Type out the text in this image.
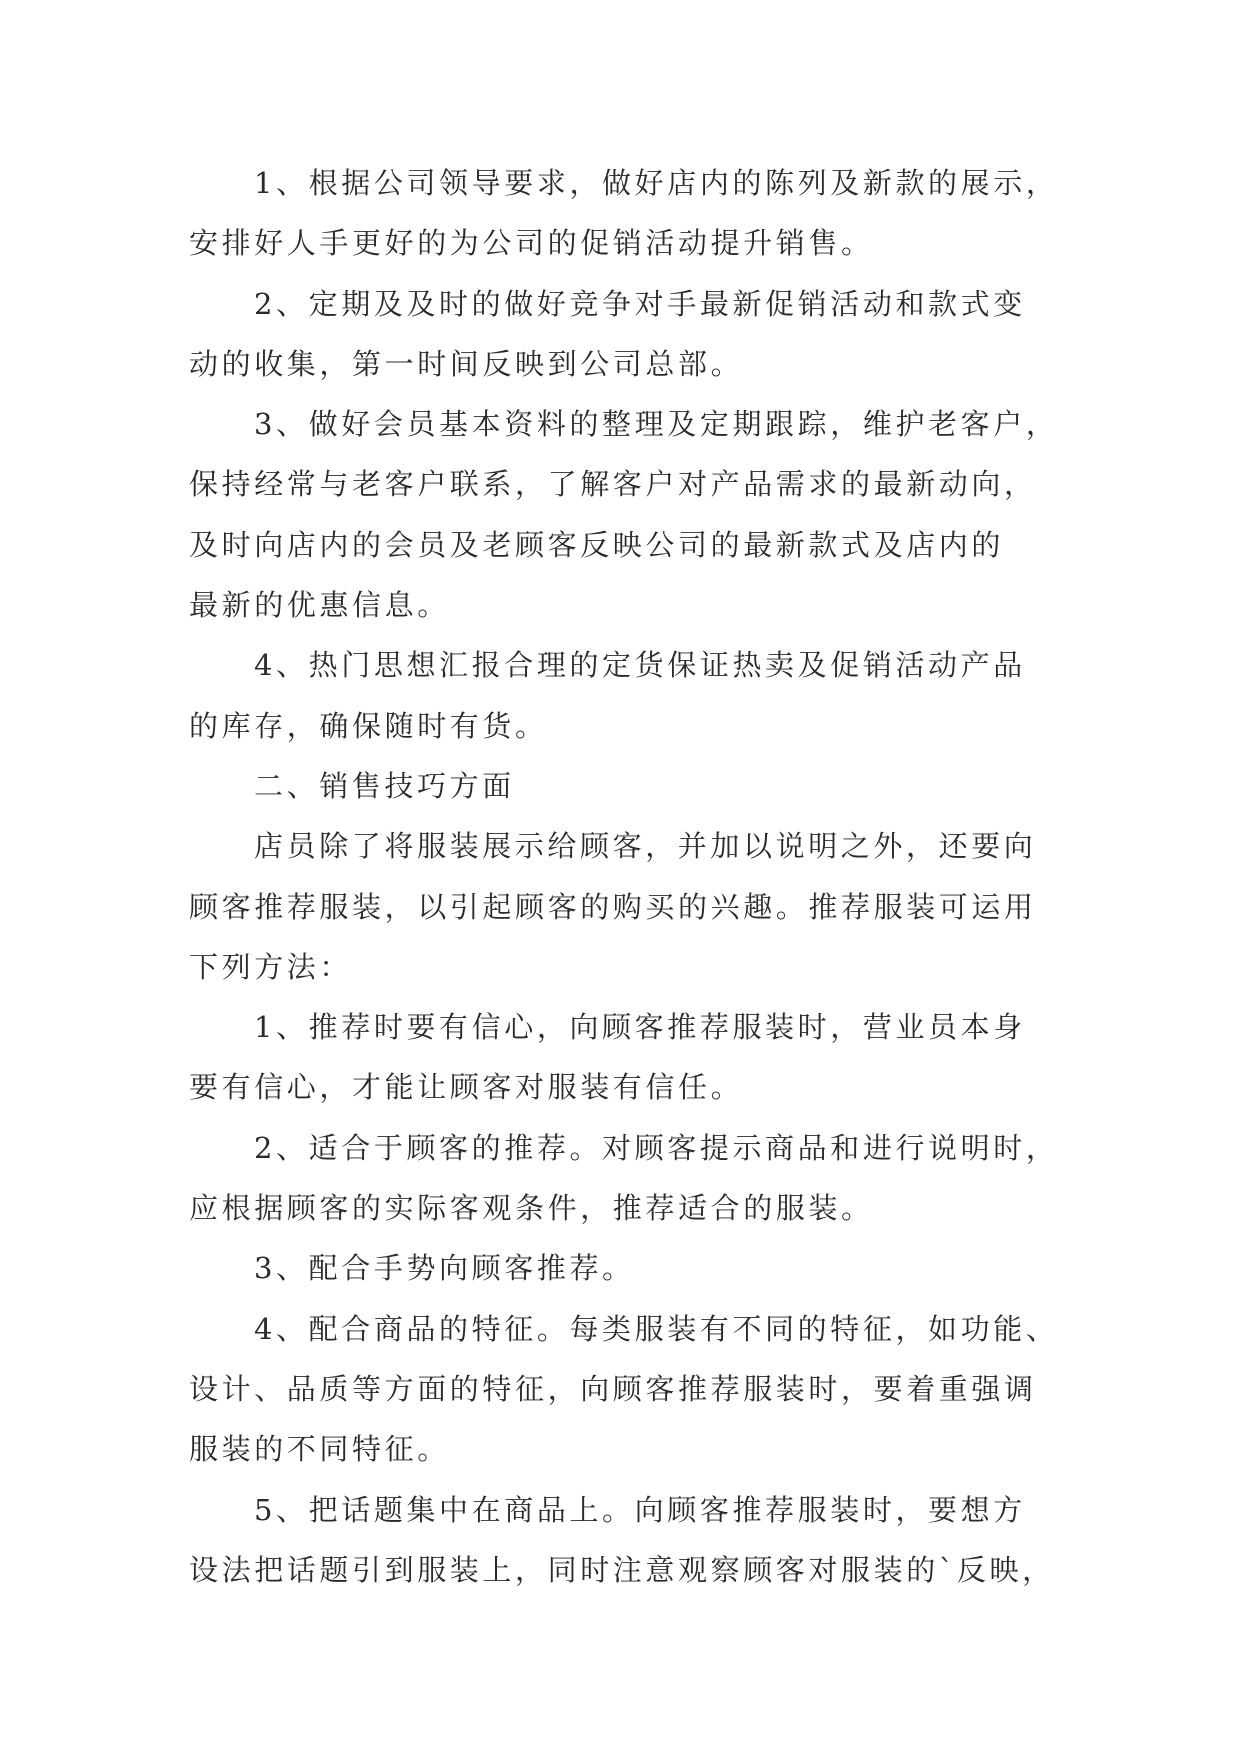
1、根据公司领导要求，做好店内的陈列及新款的展示，
安排好人手更好的为公司的促销活动提升销售。
2、定期及及时的做好竞争对手最新促销活动和款式变
动的收集，第一时间反映到公司总部。
3、做好会员基本资料的整理及定期跟踪，维护老客户，
保持经常与老客户联系，了解客户对产品需求的最新动向，
及时向店内的会员及老顾客反映公司的最新款式及店内的
最新的优惠信息。
4、热门思想汇报合理的定货保证热卖及促销活动产品
的库存，确保随时有货。
二、销售技巧方面
店员除了将服装展示给顾客，并加以说明之外，还要向
顾客推荐服装，以引起顾客的购买的兴趣。推荐服装可运用
下列方法：
1、推荐时要有信心，向顾客推荐服装时，营业员本身
要有信心，才能让顾客对服装有信任。
2、适合于顾客的推荐。对顾客提示商品和进行说明时，
应根据顾客的实际客观条件，推荐适合的服装。
3、配合手势向顾客推荐。
4、配合商品的特征。每类服装有不同的特征，如功能、
设计、品质等方面的特征，向顾客推荐服装时，要着重强调
服装的不同特征。
5、把话题集中在商品上。向顾客推荐服装时，要想方
设法把话题引到服装上，同时注意观察顾客对服装的`反映，
